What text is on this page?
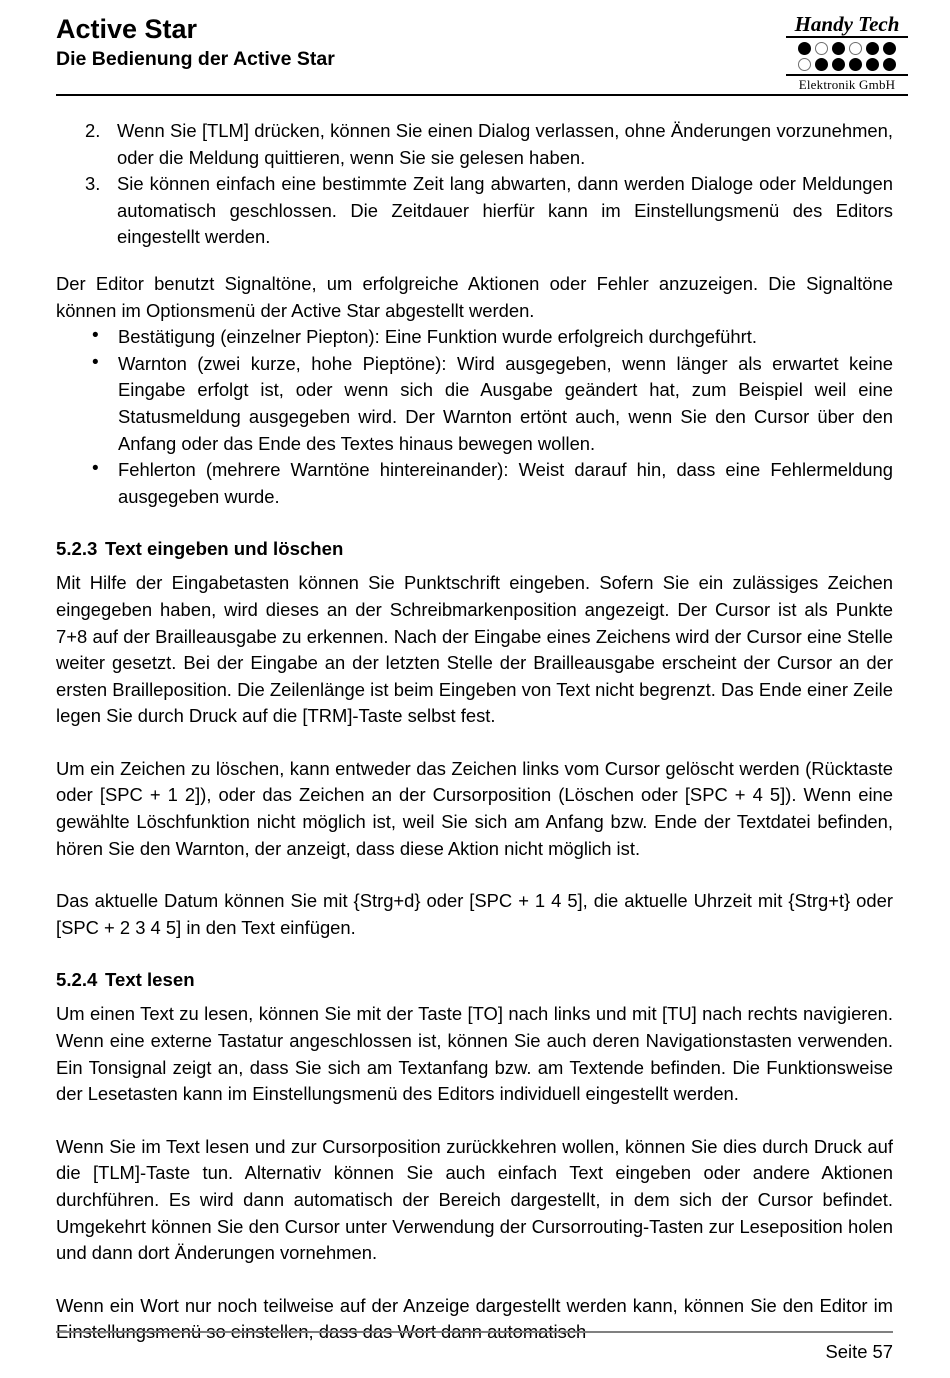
Active Star
Die Bedienung der Active Star
Handy Tech
Elektronik GmbH
2. Wenn Sie [TLM] drücken, können Sie einen Dialog verlassen, ohne Änderungen vorzunehmen, oder die Meldung quittieren, wenn Sie sie gelesen haben.
3. Sie können einfach eine bestimmte Zeit lang abwarten, dann werden Dialoge oder Meldungen automatisch geschlossen. Die Zeitdauer hierfür kann im Einstellungsmenü des Editors eingestellt werden.

Der Editor benutzt Signaltöne, um erfolgreiche Aktionen oder Fehler anzuzeigen. Die Signaltöne können im Optionsmenü der Active Star abgestellt werden.

• Bestätigung (einzelner Piepton): Eine Funktion wurde erfolgreich durchgeführt.
• Warnton (zwei kurze, hohe Pieptöne): Wird ausgegeben, wenn länger als erwartet keine Eingabe erfolgt ist, oder wenn sich die Ausgabe geändert hat, zum Beispiel weil eine Statusmeldung ausgegeben wird. Der Warnton ertönt auch, wenn Sie den Cursor über den Anfang oder das Ende des Textes hinaus bewegen wollen.
• Fehlerton (mehrere Warntöne hintereinander): Weist darauf hin, dass eine Fehlermeldung ausgegeben wurde.
5.2.3 Text eingeben und löschen

Mit Hilfe der Eingabetasten können Sie Punktschrift eingeben. Sofern Sie ein zulässiges Zeichen eingegeben haben, wird dieses an der Schreibmarkenposition angezeigt. Der Cursor ist als Punkte 7+8 auf der Brailleausgabe zu erkennen. Nach der Eingabe eines Zeichens wird der Cursor eine Stelle weiter gesetzt. Bei der Eingabe an der letzten Stelle der Brailleausgabe erscheint der Cursor an der ersten Brailleposition. Die Zeilenlänge ist beim Eingeben von Text nicht begrenzt. Das Ende einer Zeile legen Sie durch Druck auf die [TRM]-Taste selbst fest.

Um ein Zeichen zu löschen, kann entweder das Zeichen links vom Cursor gelöscht werden (Rücktaste oder [SPC + 1 2]), oder das Zeichen an der Cursorposition (Löschen oder [SPC + 4 5]). Wenn eine gewählte Löschfunktion nicht möglich ist, weil Sie sich am Anfang bzw. Ende der Textdatei befinden, hören Sie den Warnton, der anzeigt, dass diese Aktion nicht möglich ist.

Das aktuelle Datum können Sie mit {Strg+d} oder [SPC + 1 4 5], die aktuelle Uhrzeit mit {Strg+t} oder [SPC + 2 3 4 5] in den Text einfügen.

5.2.4 Text lesen

Um einen Text zu lesen, können Sie mit der Taste [TO] nach links und mit [TU] nach rechts navigieren. Wenn eine externe Tastatur angeschlossen ist, können Sie auch deren Navigationstasten verwenden. Ein Tonsignal zeigt an, dass Sie sich am Textanfang bzw. am Textende befinden. Die Funktionsweise der Lesetasten kann im Einstellungsmenü des Editors individuell eingestellt werden.

Wenn Sie im Text lesen und zur Cursorposition zurückkehren wollen, können Sie dies durch Druck auf die [TLM]-Taste tun. Alternativ können Sie auch einfach Text eingeben oder andere Aktionen durchführen. Es wird dann automatisch der Bereich dargestellt, in dem sich der Cursor befindet. Umgekehrt können Sie den Cursor unter Verwendung der Cursorrouting-Tasten zur Leseposition holen und dann dort Änderungen vornehmen.

Wenn ein Wort nur noch teilweise auf der Anzeige dargestellt werden kann, können Sie den Editor im Einstellungsmenü so einstellen, dass das Wort dann automatisch

Seite 57
